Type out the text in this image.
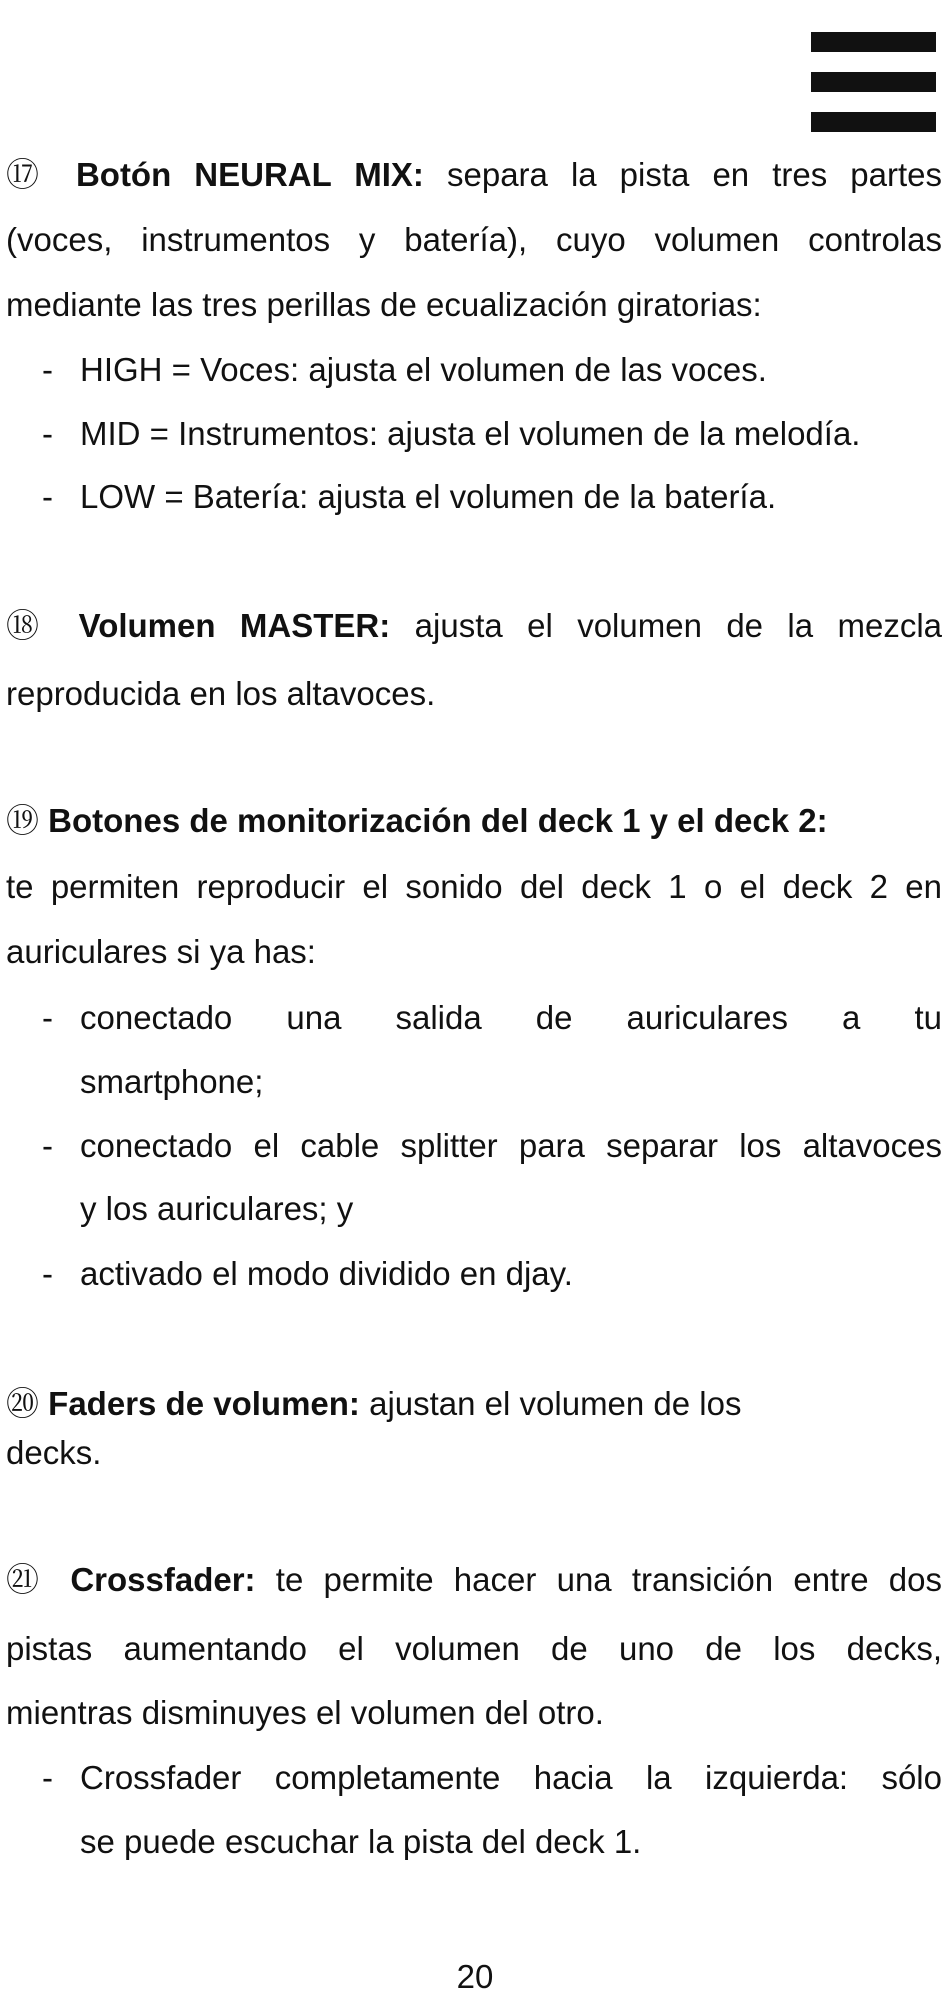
⑰ Botón NEURAL MIX: separa la pista en tres partes
(voces, instrumentos y batería), cuyo volumen controlas
mediante las tres perillas de ecualización giratorias:
- HIGH = Voces: ajusta el volumen de las voces.
- MID = Instrumentos: ajusta el volumen de la melodía.
- LOW = Batería: ajusta el volumen de la batería.
⑱ Volumen MASTER: ajusta el volumen de la mezcla
reproducida en los altavoces.
⑲ Botones de monitorización del deck 1 y el deck 2:
te permiten reproducir el sonido del deck 1 o el deck 2 en
auriculares si ya has:
- conectado una salida de auriculares a tu
smartphone;
- conectado el cable splitter para separar los altavoces
y los auriculares; y
- activado el modo dividido en djay.
⑳ Faders de volumen: ajustan el volumen de los
decks.
㉑ Crossfader: te permite hacer una transición entre dos
pistas aumentando el volumen de uno de los decks,
mientras disminuyes el volumen del otro.
- Crossfader completamente hacia la izquierda: sólo
se puede escuchar la pista del deck 1.
20
